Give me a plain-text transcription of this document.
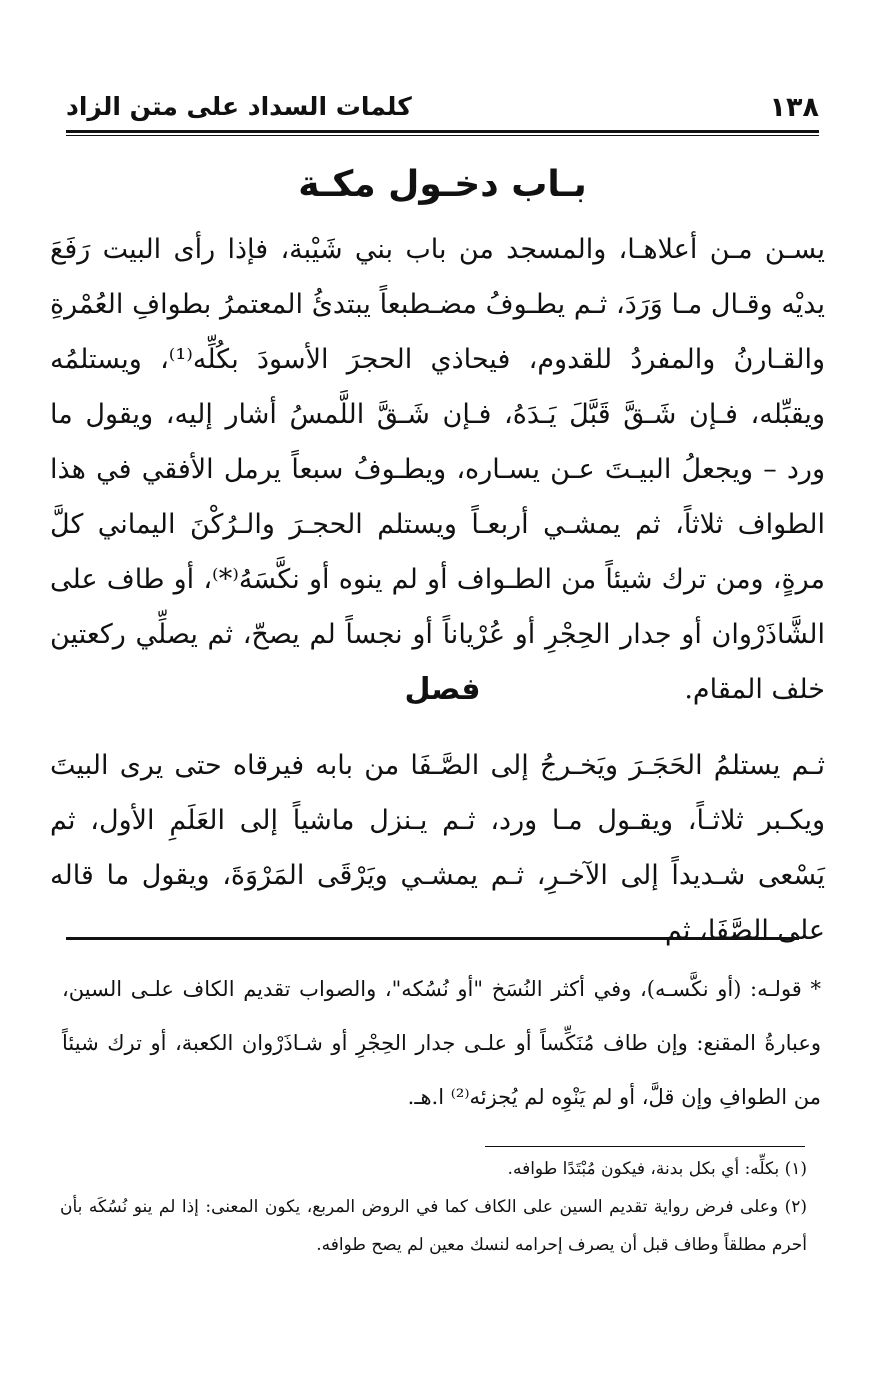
١٣٨
كلمات السداد على متن الزاد
بـاب دخـول مكـة
يسـن مـن أعلاهـا، والمسجد من باب بني شَيْبة، فإذا رأى البيت رَفَعَ يديْه وقـال مـا وَرَدَ، ثـم يطـوفُ مضـطبعاً يبتدئُ المعتمرُ بطوافِ العُمْرةِ والقـارنُ والمفردُ للقدوم، فيحاذي الحجرَ الأسودَ بكُلِّه⁽¹⁾، ويستلمُه ويقبِّله، فـإن شَـقَّ قَبَّلَ يَـدَهُ، فـإن شَـقَّ اللَّمسُ أشار إليه، ويقول ما ورد – ويجعلُ البيـتَ عـن يسـاره، ويطـوفُ سبعاً يرمل الأفقي في هذا الطواف ثلاثاً، ثم يمشـي أربعـاً ويستلم الحجـرَ والـرُكْنَ اليماني كلَّ مرةٍ، ومن ترك شيئاً من الطـواف أو لم ينوه أو نكَّسَهُ⁽*⁾، أو طاف على الشَّاذَرْوان أو جدار الحِجْرِ أو عُرْياناً أو نجساً لم يصحّ، ثم يصلِّي ركعتين خلف المقام.
فصل
ثـم يستلمُ الحَجَـرَ ويَخـرجُ إلى الصَّـفَا من بابه فيرقاه حتى يرى البيتَ ويكـبر ثلاثـاً، ويقـول مـا ورد، ثـم يـنزل ماشياً إلى العَلَمِ الأول، ثم يَسْعى شـديداً إلى الآخـرِ، ثـم يمشـي ويَرْقَى المَرْوَةَ، ويقول ما قاله على الصَّفَا، ثم
* قولـه: (أو نكَّسـه)، وفي أكثر النُسَخ "أو نُسُكه"، والصواب تقديم الكاف علـى السين، وعبارةُ المقنع: وإن طاف مُنَكِّساً أو علـى جدار الحِجْرِ أو شـاذَرْوان الكعبة، أو ترك شيئاً من الطوافِ وإن قلَّ، أو لم يَنْوِه لم يُجزئه⁽²⁾ ا.هـ.

(١) بكلِّه: أي بكل بدنة، فيكون مُبْتَدًا طوافه.

(٢) وعلى فرض رواية تقديم السين على الكاف كما في الروض المربع، يكون المعنى: إذا لم ينو نُسُكَه بأن أحرم مطلقاً وطاف قبل أن يصرف إحرامه لنسك معين لم يصح طوافه.
